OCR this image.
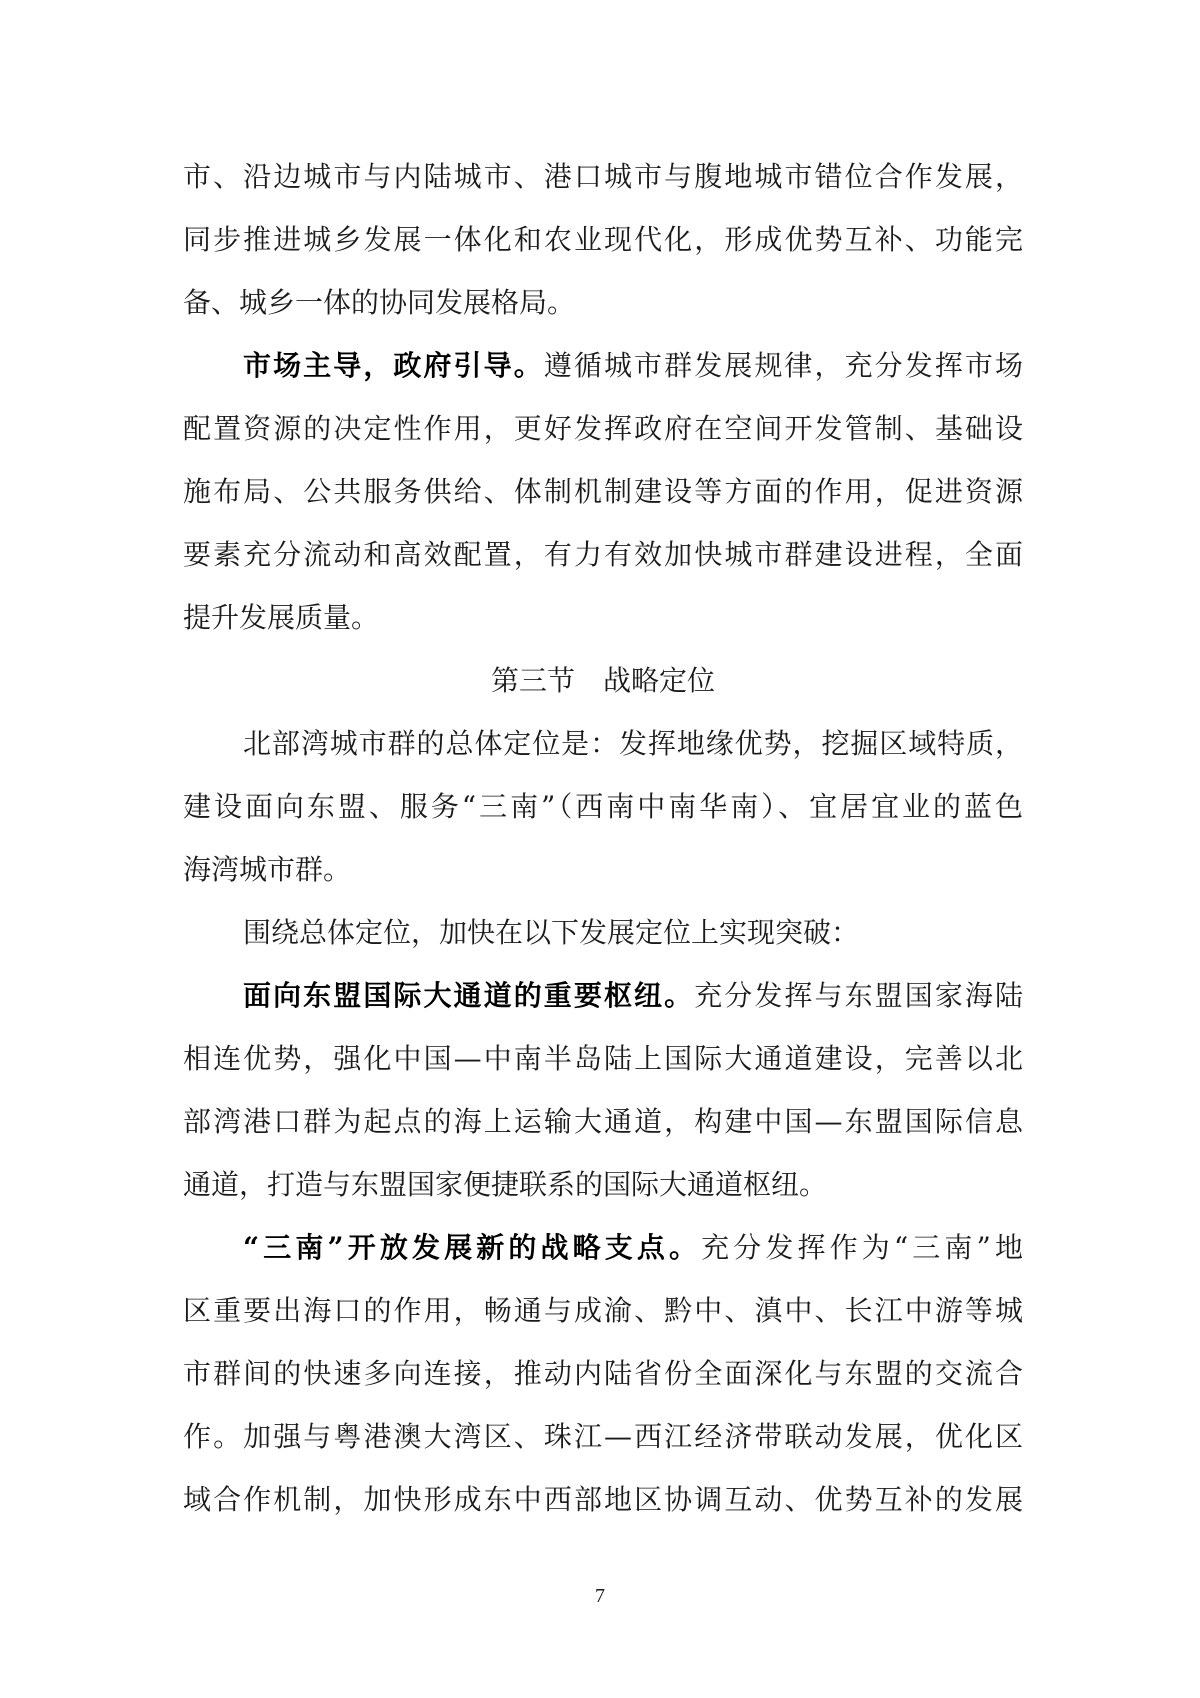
市、沿边城市与内陆城市、港口城市与腹地城市错位合作发展，
同步推进城乡发展一体化和农业现代化，形成优势互补、功能完
备、城乡一体的协同发展格局。
市场主导，政府引导。遵循城市群发展规律，充分发挥市场
配置资源的决定性作用，更好发挥政府在空间开发管制、基础设
施布局、公共服务供给、体制机制建设等方面的作用，促进资源
要素充分流动和高效配置，有力有效加快城市群建设进程，全面
提升发展质量。
第三节　战略定位
北部湾城市群的总体定位是：发挥地缘优势，挖掘区域特质，
建设面向东盟、服务“三南”（西南中南华南）、宜居宜业的蓝色
海湾城市群。
围绕总体定位，加快在以下发展定位上实现突破：
面向东盟国际大通道的重要枢纽。充分发挥与东盟国家海陆
相连优势，强化中国—中南半岛陆上国际大通道建设，完善以北
部湾港口群为起点的海上运输大通道，构建中国—东盟国际信息
通道，打造与东盟国家便捷联系的国际大通道枢纽。
“三南”开放发展新的战略支点。充分发挥作为“三南”地
区重要出海口的作用，畅通与成渝、黔中、滇中、长江中游等城
市群间的快速多向连接，推动内陆省份全面深化与东盟的交流合
作。加强与粤港澳大湾区、珠江—西江经济带联动发展，优化区
域合作机制，加快形成东中西部地区协调互动、优势互补的发展
7
